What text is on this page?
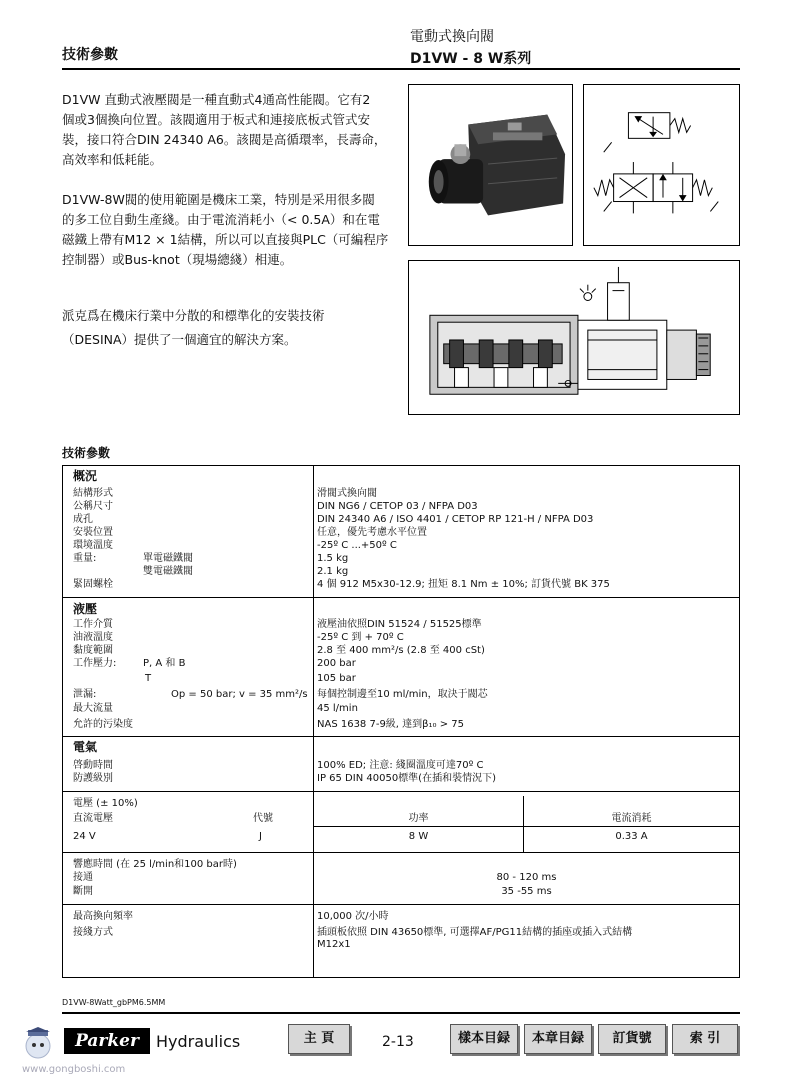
技術參數
電動式換向閥
D1VW - 8 W系列

D1VW 直動式液壓閥是一種直動式4通高性能閥。它有2

個或3個換向位置。該閥適用于板式和連接底板式管式安

裝，接口符合DIN 24340 A6。該閥是高循環率，長壽命，

高效率和低耗能。

D1VW-8W閥的使用範圍是機床工業，特別是采用很多閥

的多工位自動生產綫。由于電流消耗小（< 0.5A）和在電

磁鐵上帶有M12 × 1結構，所以可以直接與PLC（可編程序

控制器）或Bus-knot（現場總綫）相連。

派克爲在機床行業中分散的和標準化的安裝技術

（DESINA）提供了一個適宜的解決方案。

技術參數
概況
結構形式	滑閥式換向閥
公稱尺寸	DIN NG6 / CETOP 03 / NFPA D03
成孔	DIN 24340 A6 / ISO 4401 / CETOP RP 121-H / NFPA D03
安裝位置	任意，優先考慮水平位置
環境溫度	-25º C ...+50º C
重量:	單電磁鐵閥	1.5 kg
雙電磁鐵閥	2.1 kg
緊固螺栓	4 個 912 M5x30-12.9; 扭矩 8.1 Nm ± 10%; 訂貨代號 BK 375
液壓
工作介質	液壓油依照DIN 51524 / 51525標準
油液溫度	-25º C 到 + 70º C
黏度範圍	2.8 至 400 mm²/s (2.8 至 400 cSt)
工作壓力:	P, A 和 B	200 bar
T	105 bar
泄漏:	Op = 50 bar; v = 35 mm²/s 每個控制邊至10 ml/min，取決于閥芯
最大流量	45 l/min
允許的污染度	NAS 1638 7-9級, 達到β₁₀ > 75
電氣
啓動時間	100% ED; 注意: 綫圈溫度可達70º C
防護級別	IP 65 DIN 40050標準(在插和裝情況下)
電壓 (± 10%)
直流電壓	代號	功率	電流消耗
24 V	J	8 W	0.33 A
響應時間 (在 25 l/min和100 bar時)
接通	80 - 120 ms
斷開	35 -55 ms
最高換向頻率	10,000 次/小時
接綫方式	插頭板依照 DIN 43650標準, 可選擇AF/PG11結構的插座或插入式結構
M12x1
D1VW-8Watt_gbPM6.5MM
Parker	Hydraulics	主 頁	2-13	樣本目録	本章目録	訂貨號	索 引
www.gongboshi.com
